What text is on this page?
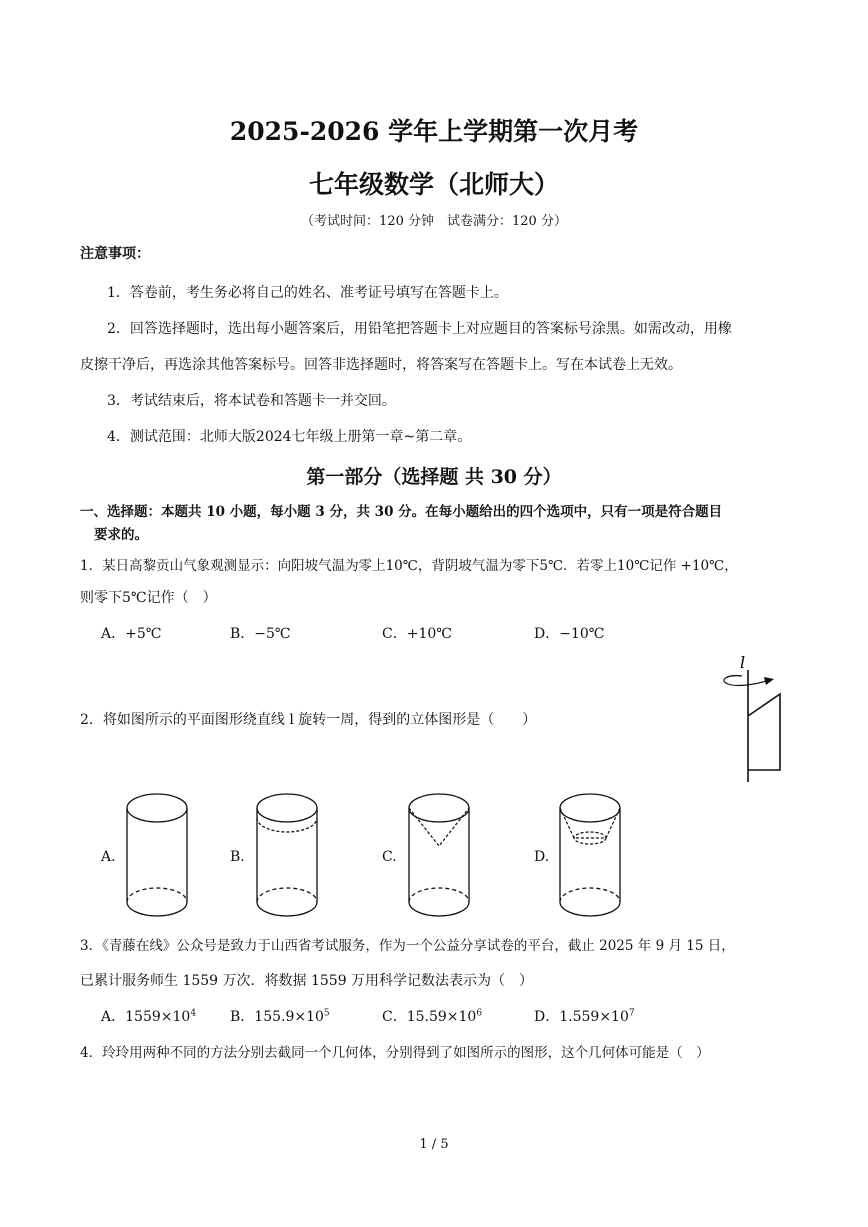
2025-2026 学年上学期第一次月考
七年级数学（北师大）
（考试时间：120 分钟　试卷满分：120 分）
注意事项：
1．答卷前，考生务必将自己的姓名、准考证号填写在答题卡上。
2．回答选择题时，选出每小题答案后，用铅笔把答题卡上对应题目的答案标号涂黑。如需改动，用橡
皮擦干净后，再选涂其他答案标号。回答非选择题时，将答案写在答题卡上。写在本试卷上无效。
3．考试结束后，将本试卷和答题卡一并交回。
4．测试范围：北师大版2024七年级上册第一章~第二章。
第一部分（选择题 共 30 分）
一、选择题：本题共 10 小题，每小题 3 分，共 30 分。在每小题给出的四个选项中，只有一项是符合题目
要求的。
1．某日高黎贡山气象观测显示：向阳坡气温为零上10℃，背阴坡气温为零下5℃．若零上10℃记作 +10℃，
则零下5℃记作（　）
A．+5℃	B．−5℃	C．+10℃	D．−10℃
2．将如图所示的平面图形绕直线 l 旋转一周，得到的立体图形是（　　）
l
A.	B.	C.	D.
3．《青藤在线》公众号是致力于山西省考试服务，作为一个公益分享试卷的平台，截止 2025 年 9 月 15 日，
已累计服务师生 1559 万次．将数据 1559 万用科学记数法表示为（　）
A．$1559\times 10^4$ B．$155.9\times 10^5$	C．$15.59\times 10^6$	D．$1.559\times 10^7$
4．玲玲用两种不同的方法分别去截同一个几何体，分别得到了如图所示的图形，这个几何体可能是（　）
1 / 5
